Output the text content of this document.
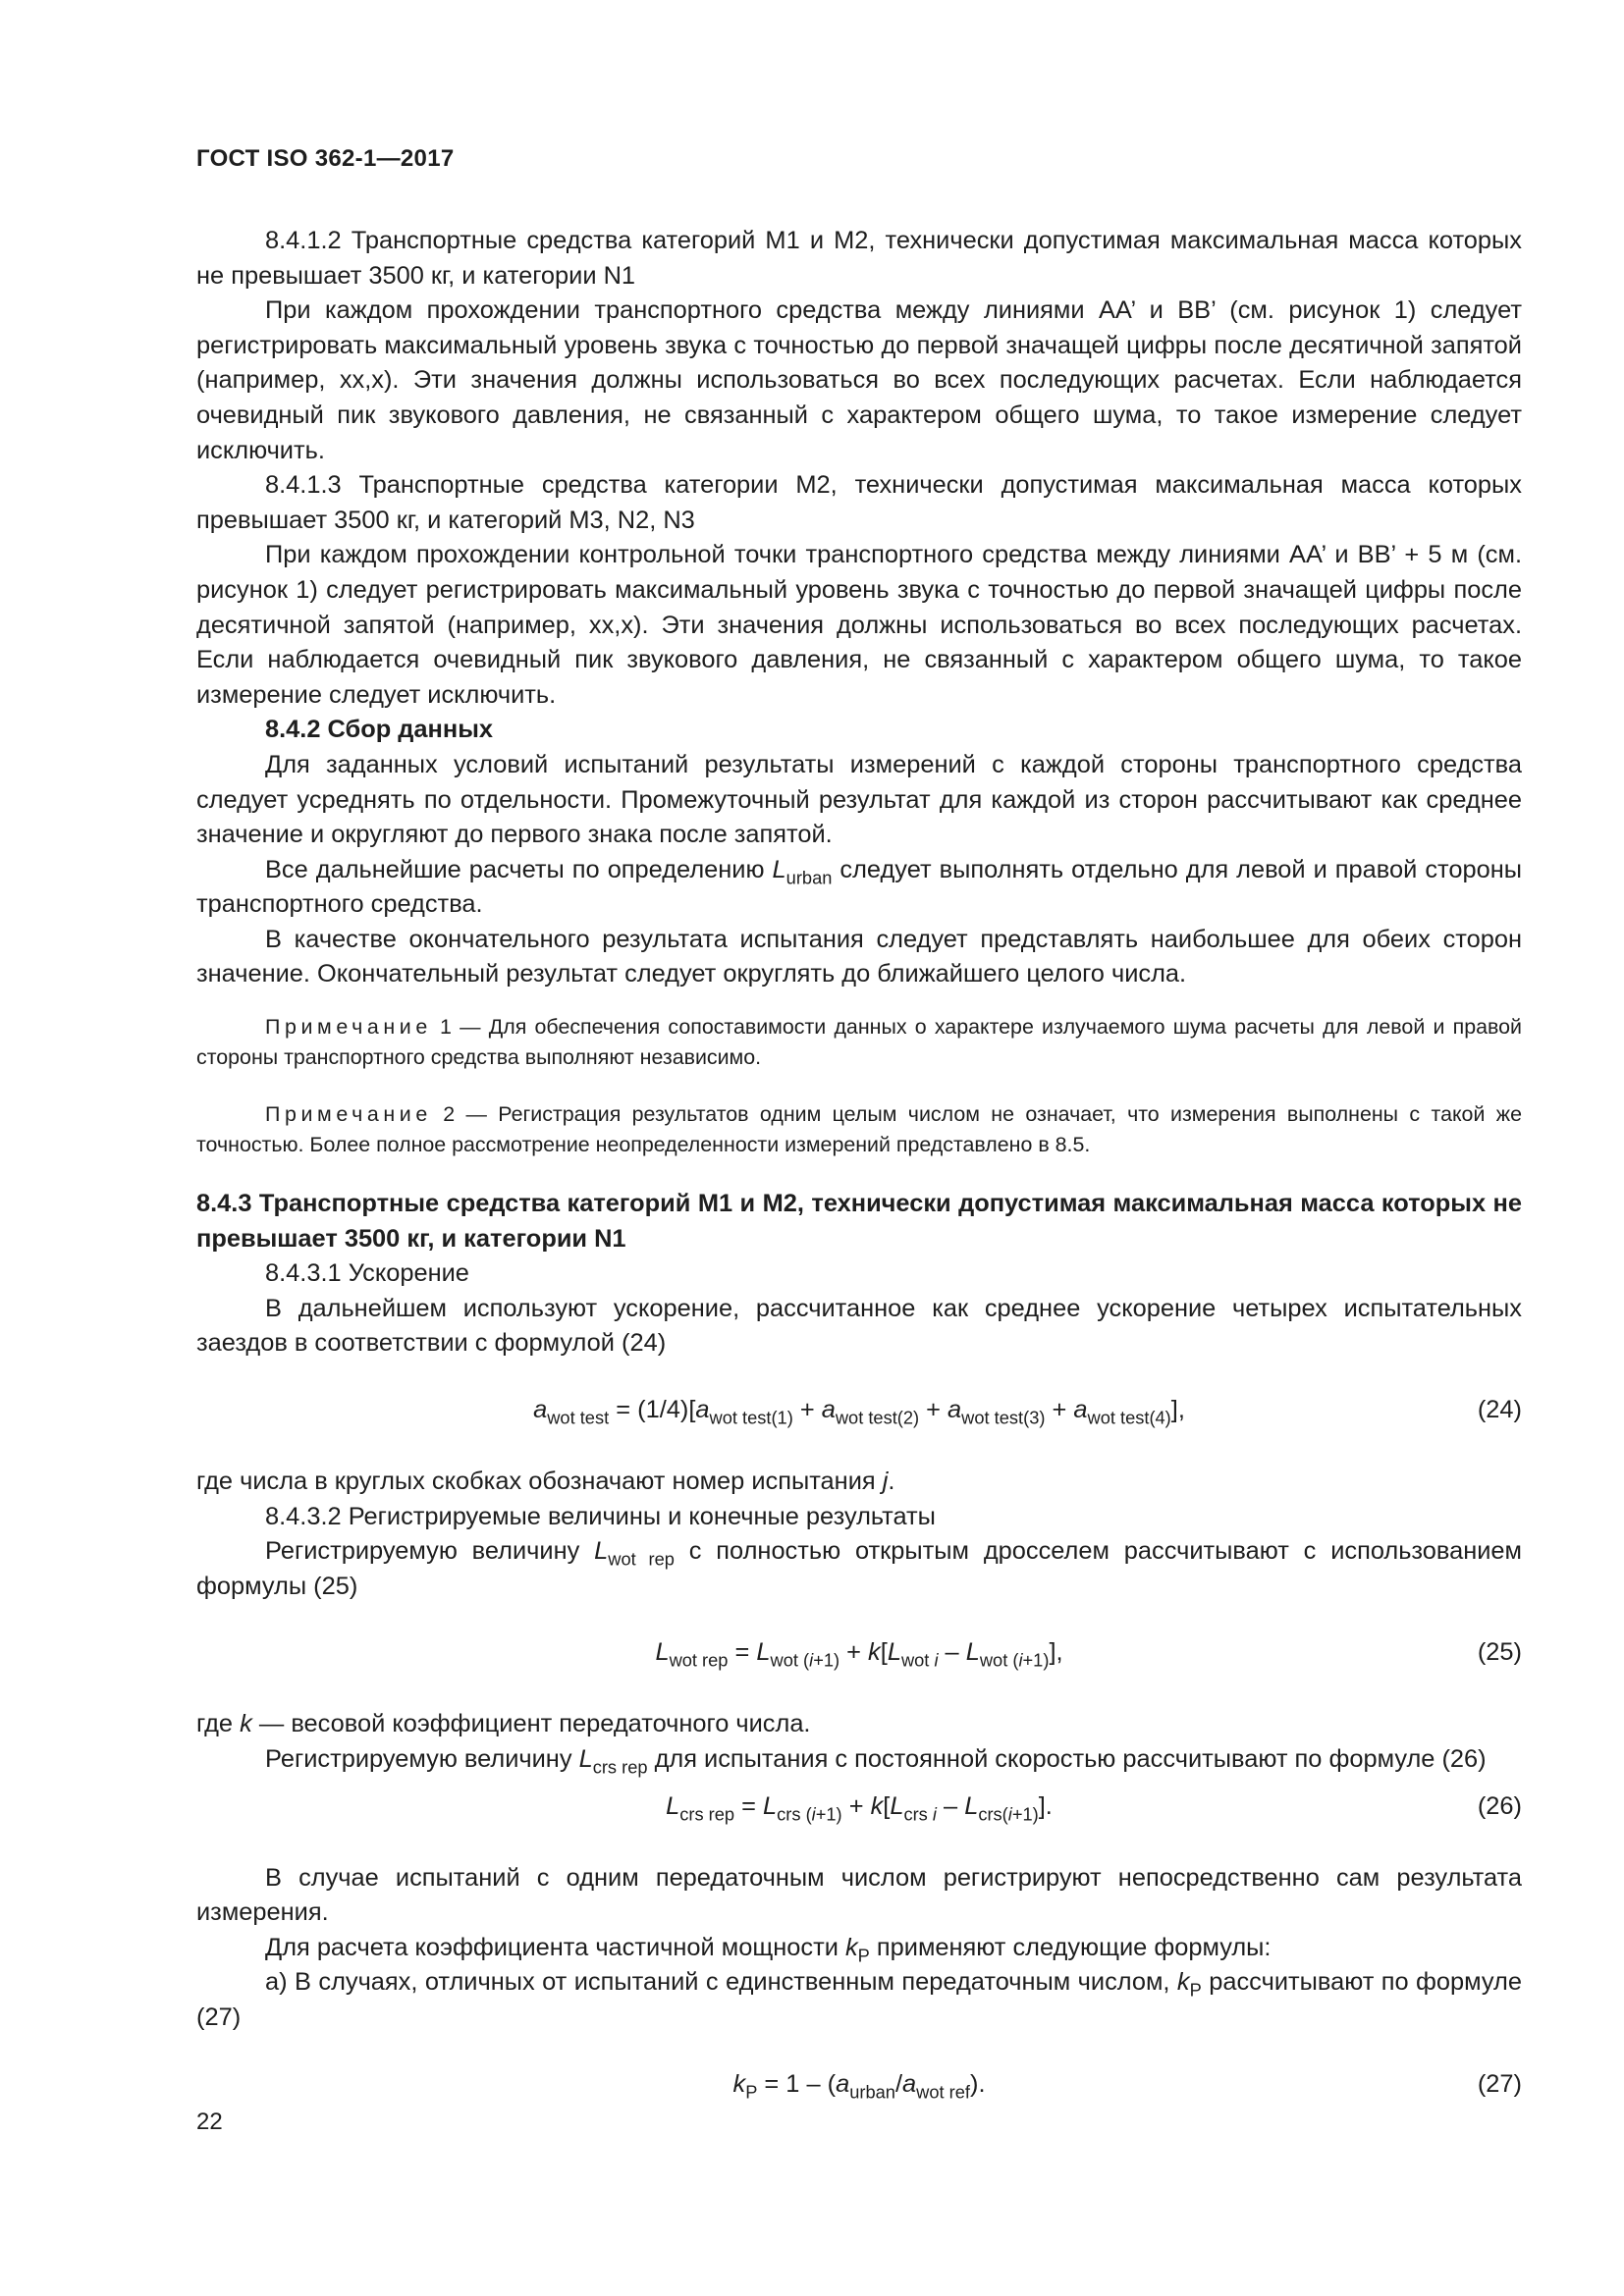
ГОСТ ISO 362-1—2017

8.4.1.2 Транспортные средства категорий М1 и М2, технически допустимая максимальная масса которых не превышает 3500 кг, и категории N1

При каждом прохождении транспортного средства между линиями АА’ и ВВ’ (см. рисунок 1) следует регистрировать максимальный уровень звука с точностью до первой значащей цифры после десятичной запятой (например, хх,х). Эти значения должны использоваться во всех последующих расчетах. Если наблюдается очевидный пик звукового давления, не связанный с характером общего шума, то такое измерение следует исключить.

8.4.1.3 Транспортные средства категории М2, технически допустимая максимальная масса которых превышает 3500 кг, и категорий М3, N2, N3

При каждом прохождении контрольной точки транспортного средства между линиями АА’ и ВВ’ + 5 м (см. рисунок 1) следует регистрировать максимальный уровень звука с точностью до первой значащей цифры после десятичной запятой (например, хх,х). Эти значения должны использоваться во всех последующих расчетах. Если наблюдается очевидный пик звукового давления, не связанный с характером общего шума, то такое измерение следует исключить.

8.4.2 Сбор данных

Для заданных условий испытаний результаты измерений с каждой стороны транспортного средства следует усреднять по отдельности. Промежуточный результат для каждой из сторон рассчитывают как среднее значение и округляют до первого знака после запятой.

Все дальнейшие расчеты по определению $L_{urban}$ следует выполнять отдельно для левой и правой стороны транспортного средства.

В качестве окончательного результата испытания следует представлять наибольшее для обеих сторон значение. Окончательный результат следует округлять до ближайшего целого числа.

Примечание 1 — Для обеспечения сопоставимости данных о характере излучаемого шума расчеты для левой и правой стороны транспортного средства выполняют независимо.

Примечание 2 — Регистрация результатов одним целым числом не означает, что измерения выполнены с такой же точностью. Более полное рассмотрение неопределенности измерений представлено в 8.5.

8.4.3 Транспортные средства категорий М1 и М2, технически допустимая максимальная масса которых не превышает 3500 кг, и категории N1

8.4.3.1 Ускорение

В дальнейшем используют ускорение, рассчитанное как среднее ускорение четырех испытательных заездов в соответствии с формулой (24)

$a_{wot test} = (1/4)[a_{wot test(1)} + a_{wot test(2)} + a_{wot test(3)} + a_{wot test(4)}]$,	(24)

где числа в круглых скобках обозначают номер испытания j.

8.4.3.2 Регистрируемые величины и конечные результаты

Регистрируемую величину $L_{wot rep}$ с полностью открытым дросселем рассчитывают с использованием формулы (25)

$L_{wot rep} = L_{wot (i+1)} + k[L_{wot i} - L_{wot (i+1)}]$,	(25)

где k — весовой коэффициент передаточного числа.

Регистрируемую величину $L_{crs rep}$ для испытания с постоянной скоростью рассчитывают по формуле (26)

$L_{crs rep} = L_{crs (i+1)} + k[L_{crs i} - L_{crs(i+1)}]$.	(26)

В случае испытаний с одним передаточным числом регистрируют непосредственно сам результата измерения.

Для расчета коэффициента частичной мощности $k_P$ применяют следующие формулы:

а) В случаях, отличных от испытаний с единственным передаточным числом, $k_P$ рассчитывают по формуле (27)

$k_P = 1 - (a_{urban}/a_{wot ref})$.	(27)
22
